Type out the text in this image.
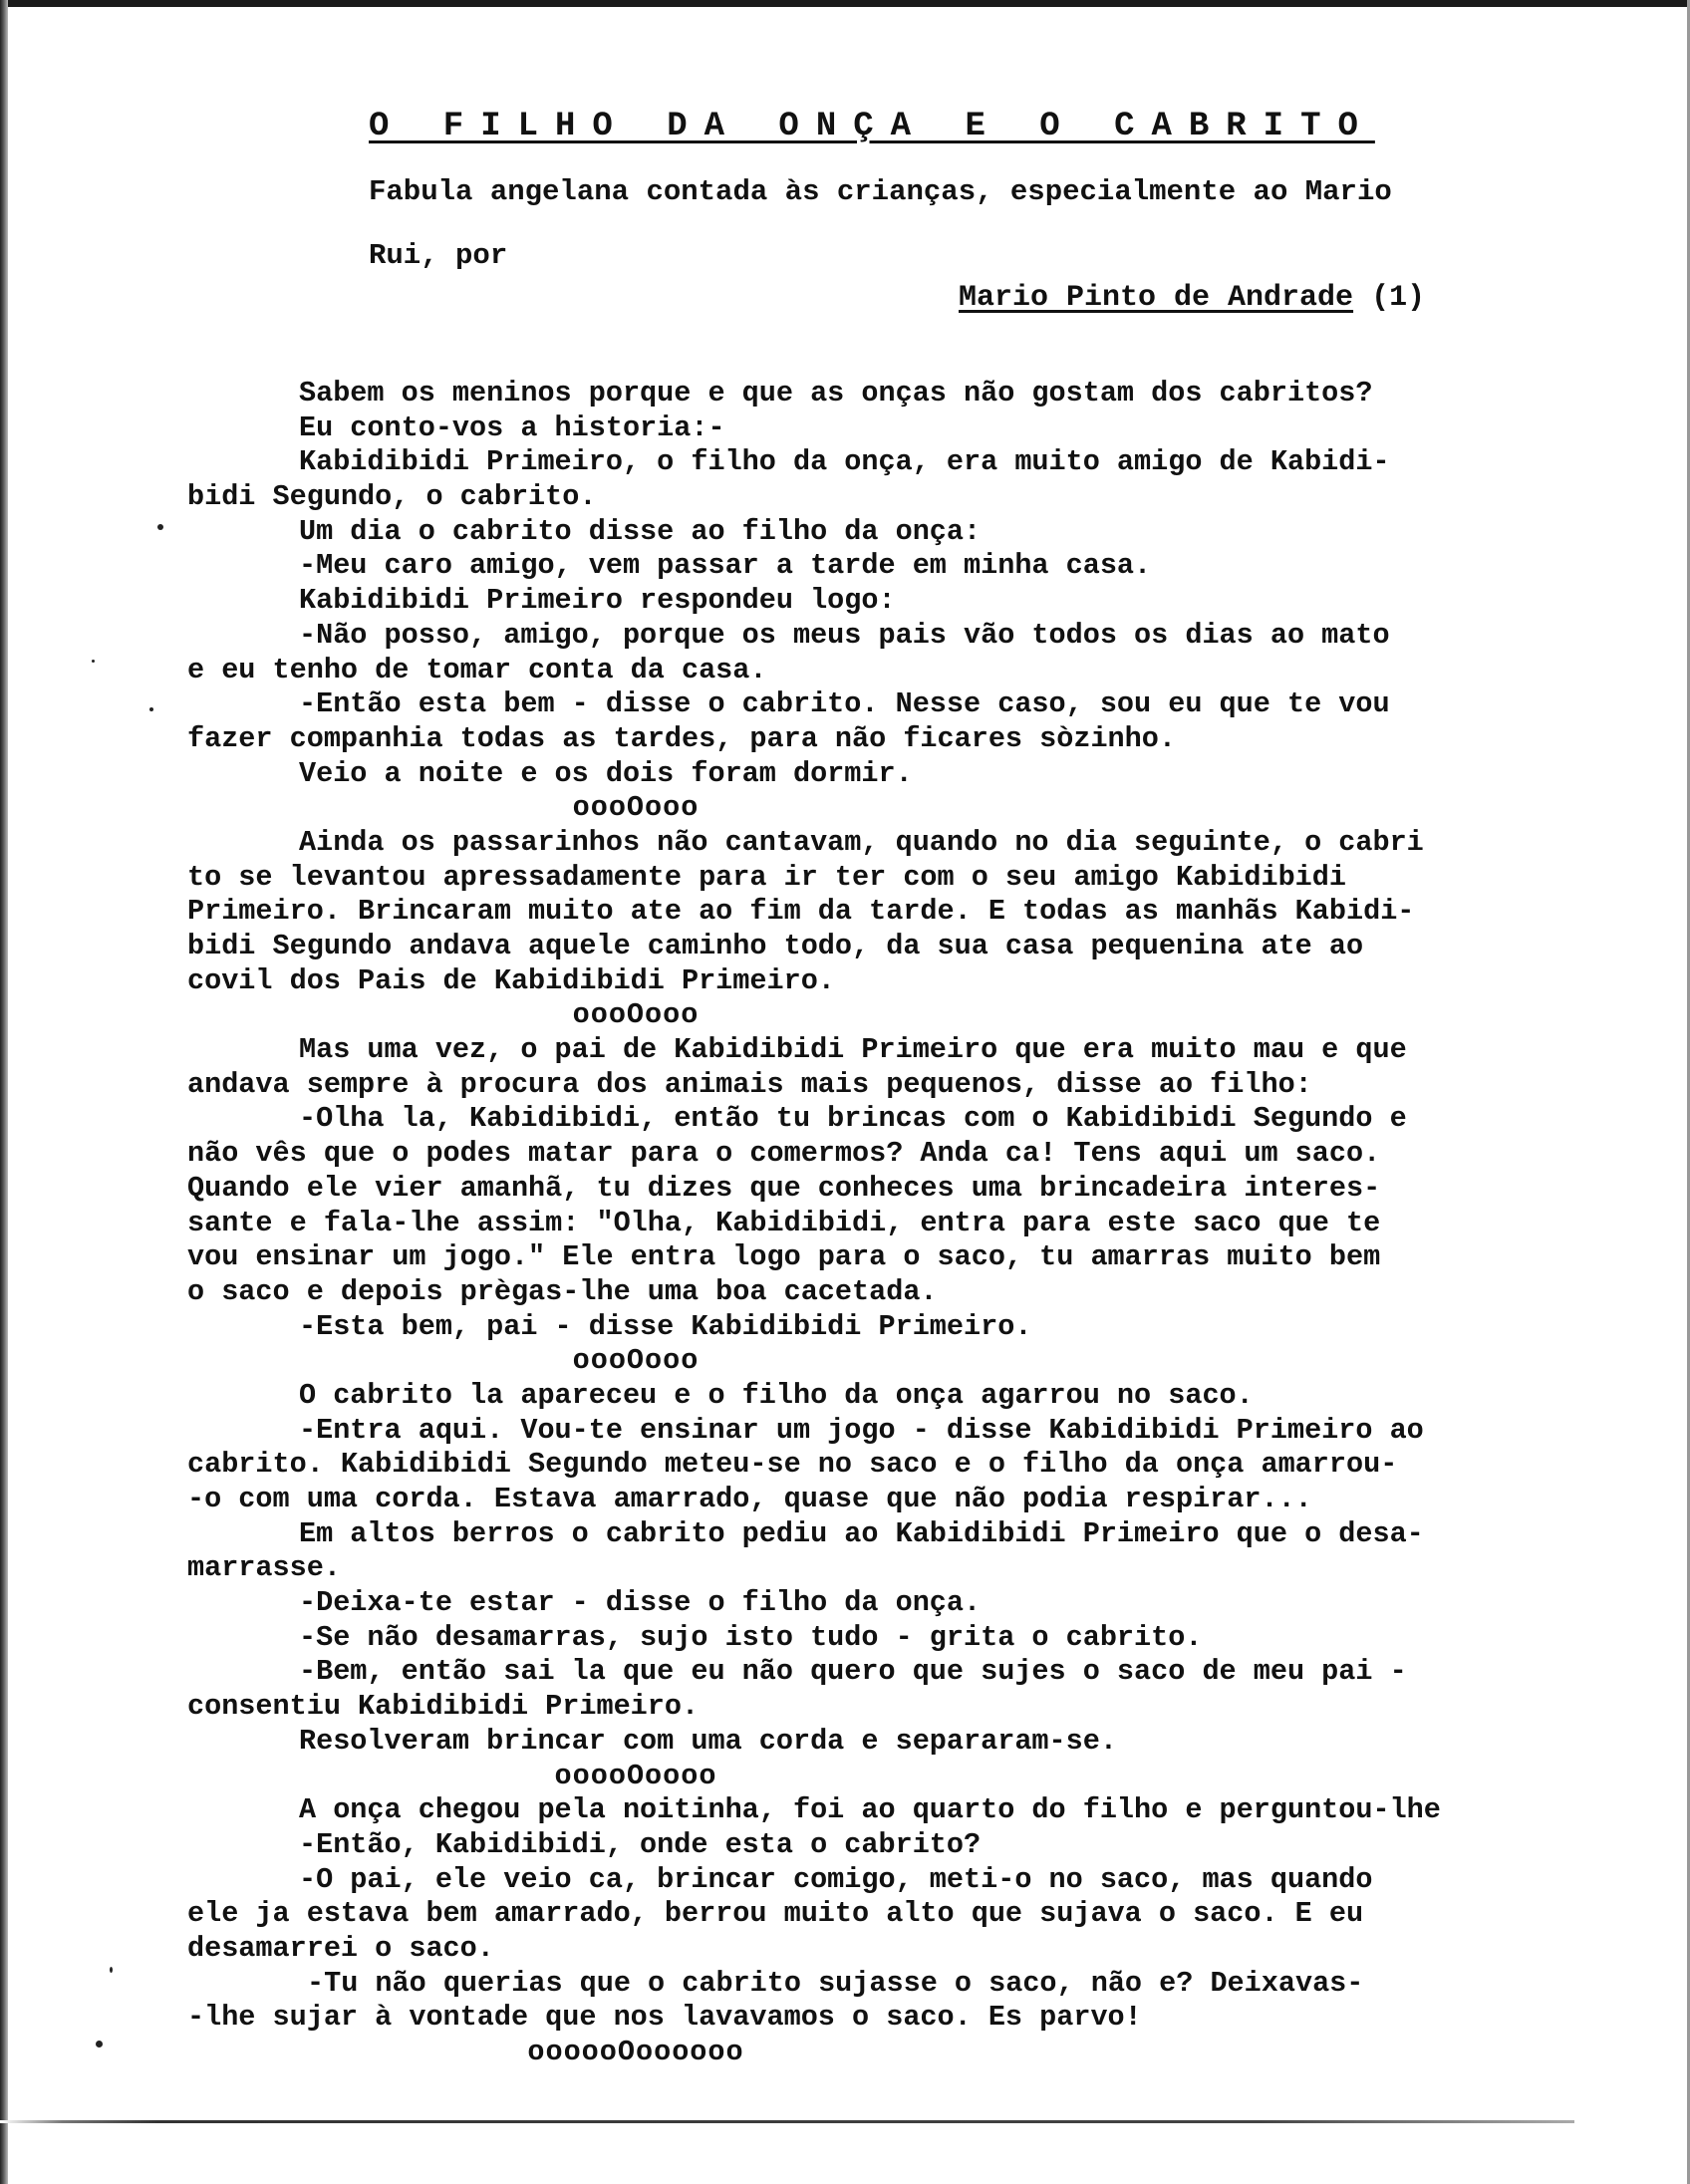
O FILHO DA ONÇA E O CABRITO
Fabula angelana contada às crianças, especialmente ao Mario
Rui, por
Mario Pinto de Andrade (1)
Sabem os meninos porque e que as onças não gostam dos cabritos?
Eu conto-vos a historia:-
Kabidibidi Primeiro, o filho da onça, era muito amigo de Kabidi-
bidi Segundo, o cabrito.
Um dia o cabrito disse ao filho da onça:
-Meu caro amigo, vem passar a tarde em minha casa.
Kabidibidi Primeiro respondeu logo:
-Não posso, amigo, porque os meus pais vão todos os dias ao mato
e eu tenho de tomar conta da casa.
-Então esta bem - disse o cabrito. Nesse caso, sou eu que te vou
fazer companhia todas as tardes, para não ficares sòzinho.
Veio a noite e os dois foram dormir.
oooOooo
Ainda os passarinhos não cantavam, quando no dia seguinte, o cabri
to se levantou apressadamente para ir ter com o seu amigo Kabidibidi
Primeiro. Brincaram muito ate ao fim da tarde. E todas as manhãs Kabidi-
bidi Segundo andava aquele caminho todo, da sua casa pequenina ate ao
covil dos Pais de Kabidibidi Primeiro.
oooOooo
Mas uma vez, o pai de Kabidibidi Primeiro que era muito mau e que
andava sempre à procura dos animais mais pequenos, disse ao filho:
-Olha la, Kabidibidi, então tu brincas com o Kabidibidi Segundo e
não vês que o podes matar para o comermos? Anda ca! Tens aqui um saco.
Quando ele vier amanhã, tu dizes que conheces uma brincadeira interes-
sante e fala-lhe assim: "Olha, Kabidibidi, entra para este saco que te
vou ensinar um jogo." Ele entra logo para o saco, tu amarras muito bem
o saco e depois prègas-lhe uma boa cacetada.
-Esta bem, pai - disse Kabidibidi Primeiro.
oooOooo
O cabrito la apareceu e o filho da onça agarrou no saco.
-Entra aqui. Vou-te ensinar um jogo - disse Kabidibidi Primeiro ao
cabrito. Kabidibidi Segundo meteu-se no saco e o filho da onça amarrou-
-o com uma corda. Estava amarrado, quase que não podia respirar...
Em altos berros o cabrito pediu ao Kabidibidi Primeiro que o desa-
marrasse.
-Deixa-te estar - disse o filho da onça.
-Se não desamarras, sujo isto tudo - grita o cabrito.
-Bem, então sai la que eu não quero que sujes o saco de meu pai -
consentiu Kabidibidi Primeiro.
Resolveram brincar com uma corda e separaram-se.
ooooOoooo
A onça chegou pela noitinha, foi ao quarto do filho e perguntou-lhe
-Então, Kabidibidi, onde esta o cabrito?
-O pai, ele veio ca, brincar comigo, meti-o no saco, mas quando
ele ja estava bem amarrado, berrou muito alto que sujava o saco. E eu
desamarrei o saco.
-Tu não querias que o cabrito sujasse o saco, não e? Deixavas-
-lhe sujar à vontade que nos lavavamos o saco. Es parvo!
oooooOoooooo
